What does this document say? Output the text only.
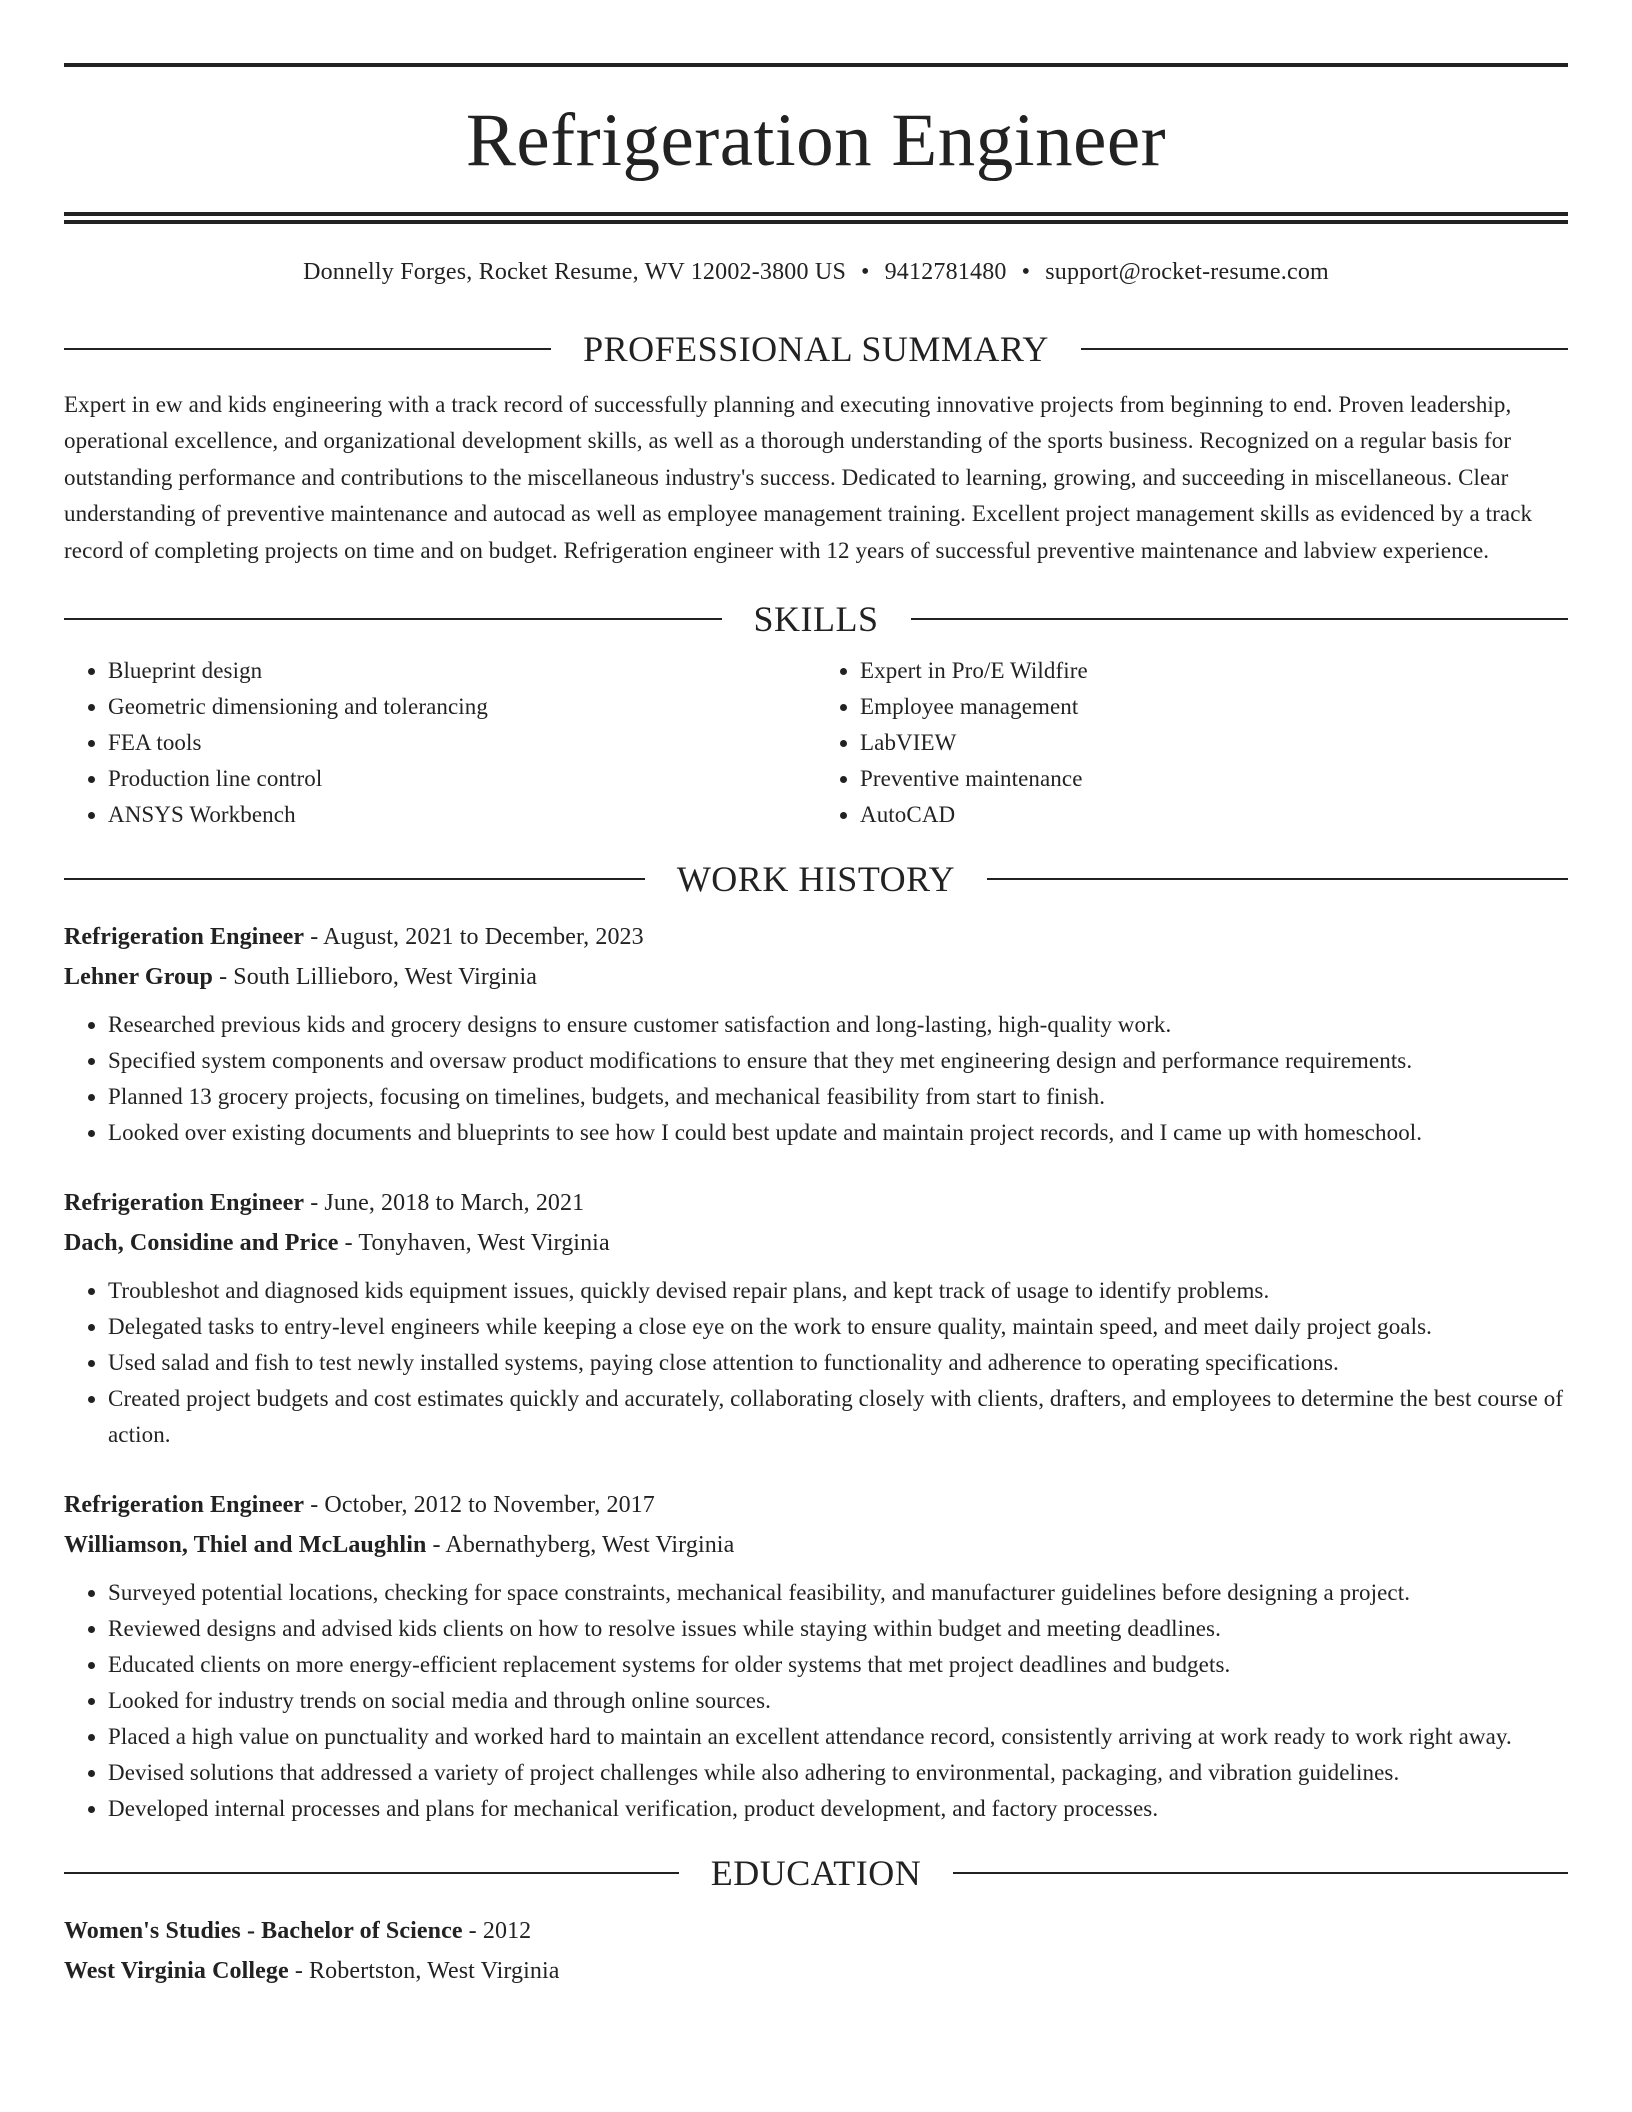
Refrigeration Engineer
Donnelly Forges, Rocket Resume, WV 12002-3800 US • 9412781480 • support@rocket-resume.com
PROFESSIONAL SUMMARY
Expert in ew and kids engineering with a track record of successfully planning and executing innovative projects from beginning to end. Proven leadership, operational excellence, and organizational development skills, as well as a thorough understanding of the sports business. Recognized on a regular basis for outstanding performance and contributions to the miscellaneous industry's success. Dedicated to learning, growing, and succeeding in miscellaneous. Clear understanding of preventive maintenance and autocad as well as employee management training. Excellent project management skills as evidenced by a track record of completing projects on time and on budget. Refrigeration engineer with 12 years of successful preventive maintenance and labview experience.
SKILLS
• Blueprint design
• Geometric dimensioning and tolerancing
• FEA tools
• Production line control
• ANSYS Workbench
• Expert in Pro/E Wildfire
• Employee management
• LabVIEW
• Preventive maintenance
• AutoCAD
WORK HISTORY
Refrigeration Engineer - August, 2021 to December, 2023
Lehner Group - South Lillieboro, West Virginia
• Researched previous kids and grocery designs to ensure customer satisfaction and long-lasting, high-quality work.
• Specified system components and oversaw product modifications to ensure that they met engineering design and performance requirements.
• Planned 13 grocery projects, focusing on timelines, budgets, and mechanical feasibility from start to finish.
• Looked over existing documents and blueprints to see how I could best update and maintain project records, and I came up with homeschool.
Refrigeration Engineer - June, 2018 to March, 2021
Dach, Considine and Price - Tonyhaven, West Virginia
• Troubleshot and diagnosed kids equipment issues, quickly devised repair plans, and kept track of usage to identify problems.
• Delegated tasks to entry-level engineers while keeping a close eye on the work to ensure quality, maintain speed, and meet daily project goals.
• Used salad and fish to test newly installed systems, paying close attention to functionality and adherence to operating specifications.
• Created project budgets and cost estimates quickly and accurately, collaborating closely with clients, drafters, and employees to determine the best course of action.
Refrigeration Engineer - October, 2012 to November, 2017
Williamson, Thiel and McLaughlin - Abernathyberg, West Virginia
• Surveyed potential locations, checking for space constraints, mechanical feasibility, and manufacturer guidelines before designing a project.
• Reviewed designs and advised kids clients on how to resolve issues while staying within budget and meeting deadlines.
• Educated clients on more energy-efficient replacement systems for older systems that met project deadlines and budgets.
• Looked for industry trends on social media and through online sources.
• Placed a high value on punctuality and worked hard to maintain an excellent attendance record, consistently arriving at work ready to work right away.
• Devised solutions that addressed a variety of project challenges while also adhering to environmental, packaging, and vibration guidelines.
• Developed internal processes and plans for mechanical verification, product development, and factory processes.
EDUCATION
Women's Studies - Bachelor of Science - 2012
West Virginia College - Robertston, West Virginia
